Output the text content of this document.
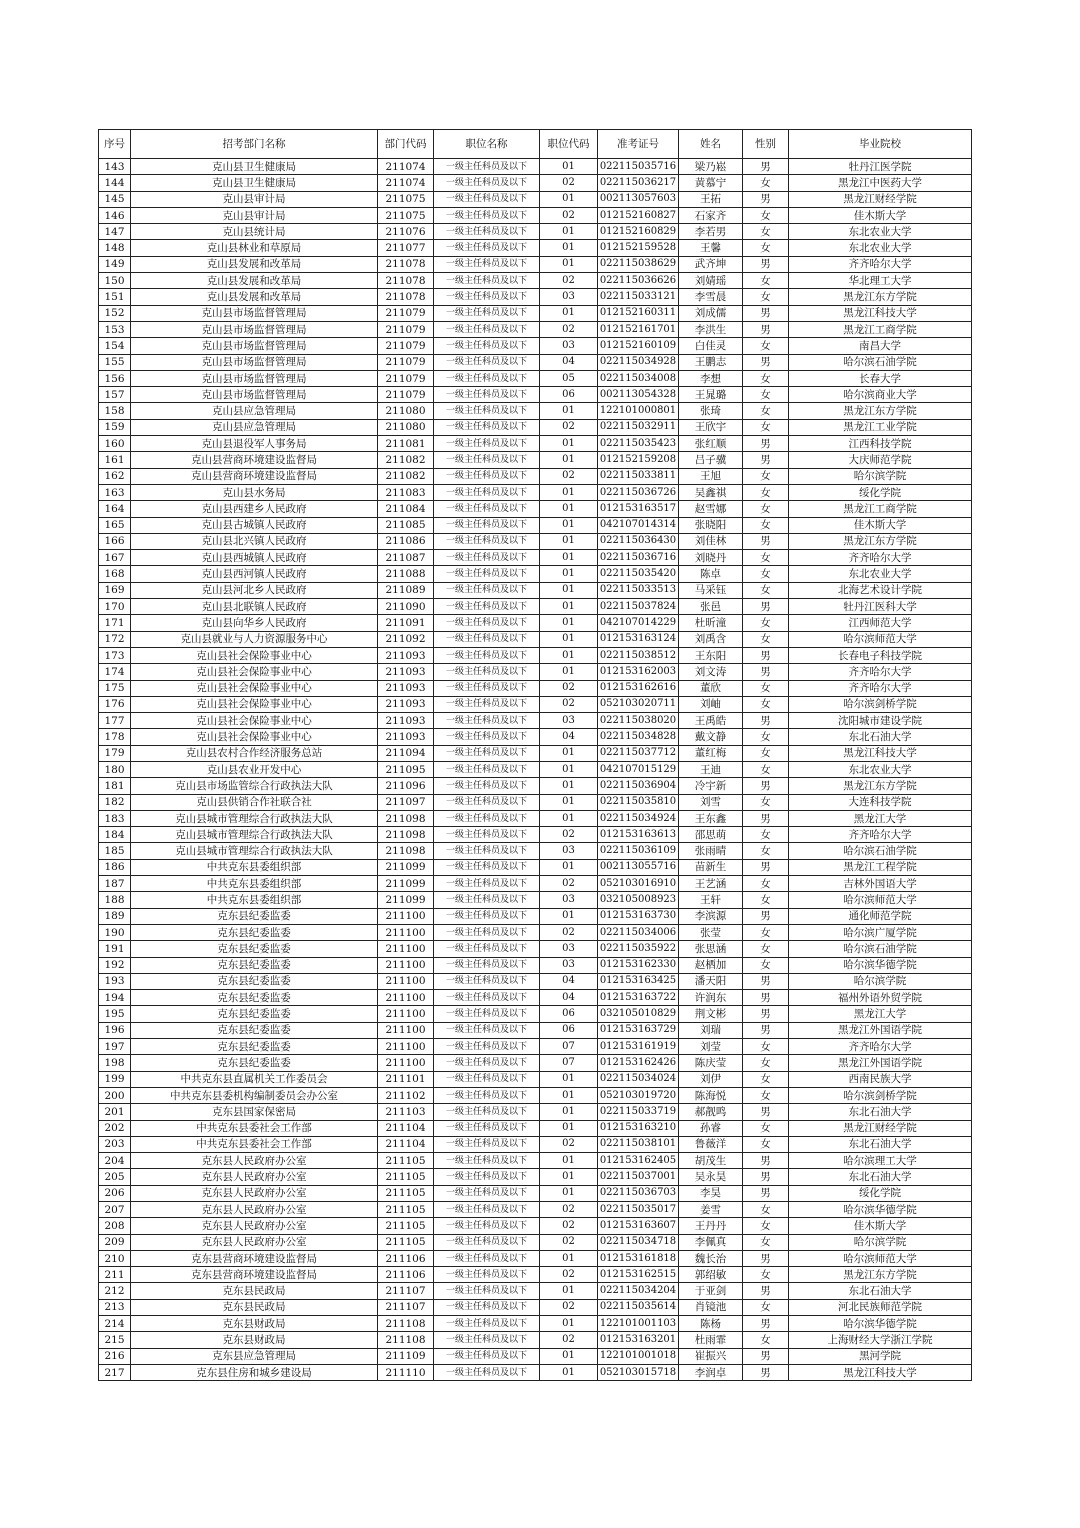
序号	招考部门名称	部门代码	职位名称	职位代码	准考证号	姓名	性别	毕业院校
143	克山县卫生健康局	211074	一级主任科员及以下	01	022115035716	梁乃崧	男	牡丹江医学院
144	克山县卫生健康局	211074	一级主任科员及以下	02	022115036217	黄慕宁	女	黑龙江中医药大学
145	克山县审计局	211075	一级主任科员及以下	01	002113057603	王拓	男	黑龙江财经学院
146	克山县审计局	211075	一级主任科员及以下	02	012152160827	石家齐	女	佳木斯大学
147	克山县统计局	211076	一级主任科员及以下	01	012152160829	李若男	女	东北农业大学
148	克山县林业和草原局	211077	一级主任科员及以下	01	012152159528	王馨	女	东北农业大学
149	克山县发展和改革局	211078	一级主任科员及以下	01	022115038629	武齐坤	男	齐齐哈尔大学
150	克山县发展和改革局	211078	一级主任科员及以下	02	022115036626	刘婧瑶	女	华北理工大学
151	克山县发展和改革局	211078	一级主任科员及以下	03	022115033121	李雪晨	女	黑龙江东方学院
152	克山县市场监督管理局	211079	一级主任科员及以下	01	012152160311	刘成儒	男	黑龙江科技大学
153	克山县市场监督管理局	211079	一级主任科员及以下	02	012152161701	李洪生	男	黑龙江工商学院
154	克山县市场监督管理局	211079	一级主任科员及以下	03	012152160109	白佳灵	女	南昌大学
155	克山县市场监督管理局	211079	一级主任科员及以下	04	022115034928	王鹏志	男	哈尔滨石油学院
156	克山县市场监督管理局	211079	一级主任科员及以下	05	022115034008	李想	女	长春大学
157	克山县市场监督管理局	211079	一级主任科员及以下	06	002113054328	王晁璐	女	哈尔滨商业大学
158	克山县应急管理局	211080	一级主任科员及以下	01	122101000801	张琦	女	黑龙江东方学院
159	克山县应急管理局	211080	一级主任科员及以下	02	022115032911	王欣宇	女	黑龙江工业学院
160	克山县退役军人事务局	211081	一级主任科员及以下	01	022115035423	张红顺	男	江西科技学院
161	克山县营商环境建设监督局	211082	一级主任科员及以下	01	012152159208	吕子骥	男	大庆师范学院
162	克山县营商环境建设监督局	211082	一级主任科员及以下	02	022115033811	王旭	女	哈尔滨学院
163	克山县水务局	211083	一级主任科员及以下	01	022115036726	吴鑫祺	女	绥化学院
164	克山县西建乡人民政府	211084	一级主任科员及以下	01	012153163517	赵雪娜	女	黑龙江工商学院
165	克山县古城镇人民政府	211085	一级主任科员及以下	01	042107014314	张晓阳	女	佳木斯大学
166	克山县北兴镇人民政府	211086	一级主任科员及以下	01	022115036430	刘佳林	男	黑龙江东方学院
167	克山县西城镇人民政府	211087	一级主任科员及以下	01	022115036716	刘晓丹	女	齐齐哈尔大学
168	克山县西河镇人民政府	211088	一级主任科员及以下	01	022115035420	陈卓	女	东北农业大学
169	克山县河北乡人民政府	211089	一级主任科员及以下	01	022115033513	马采钰	女	北海艺术设计学院
170	克山县北联镇人民政府	211090	一级主任科员及以下	01	022115037824	张邑	男	牡丹江医科大学
171	克山县向华乡人民政府	211091	一级主任科员及以下	01	042107014229	杜昕潼	女	江西师范大学
172	克山县就业与人力资源服务中心	211092	一级主任科员及以下	01	012153163124	刘禹含	女	哈尔滨师范大学
173	克山县社会保险事业中心	211093	一级主任科员及以下	01	022115038512	王东阳	男	长春电子科技学院
174	克山县社会保险事业中心	211093	一级主任科员及以下	01	012153162003	刘文涛	男	齐齐哈尔大学
175	克山县社会保险事业中心	211093	一级主任科员及以下	02	012153162616	董欣	女	齐齐哈尔大学
176	克山县社会保险事业中心	211093	一级主任科员及以下	02	052103020711	刘岫	女	哈尔滨剑桥学院
177	克山县社会保险事业中心	211093	一级主任科员及以下	03	022115038020	王禹皓	男	沈阳城市建设学院
178	克山县社会保险事业中心	211093	一级主任科员及以下	04	022115034828	戴文静	女	东北石油大学
179	克山县农村合作经济服务总站	211094	一级主任科员及以下	01	022115037712	董红梅	女	黑龙江科技大学
180	克山县农业开发中心	211095	一级主任科员及以下	01	042107015129	王迪	女	东北农业大学
181	克山县市场监管综合行政执法大队	211096	一级主任科员及以下	01	022115036904	冷宇新	男	黑龙江东方学院
182	克山县供销合作社联合社	211097	一级主任科员及以下	01	022115035810	刘雪	女	大连科技学院
183	克山县城市管理综合行政执法大队	211098	一级主任科员及以下	01	022115034924	王东鑫	男	黑龙江大学
184	克山县城市管理综合行政执法大队	211098	一级主任科员及以下	02	012153163613	邵思萌	女	齐齐哈尔大学
185	克山县城市管理综合行政执法大队	211098	一级主任科员及以下	03	022115036109	张雨晴	女	哈尔滨石油学院
186	中共克东县委组织部	211099	一级主任科员及以下	01	002113055716	苗新生	男	黑龙江工程学院
187	中共克东县委组织部	211099	一级主任科员及以下	02	052103016910	王艺涵	女	吉林外国语大学
188	中共克东县委组织部	211099	一级主任科员及以下	03	032105008923	王轩	女	哈尔滨师范大学
189	克东县纪委监委	211100	一级主任科员及以下	01	012153163730	李滨源	男	通化师范学院
190	克东县纪委监委	211100	一级主任科员及以下	02	022115034006	张莹	女	哈尔滨广厦学院
191	克东县纪委监委	211100	一级主任科员及以下	03	022115035922	张思涵	女	哈尔滨石油学院
192	克东县纪委监委	211100	一级主任科员及以下	03	012153162330	赵栖加	女	哈尔滨华德学院
193	克东县纪委监委	211100	一级主任科员及以下	04	012153163425	潘天阳	男	哈尔滨学院
194	克东县纪委监委	211100	一级主任科员及以下	04	012153163722	许润东	男	福州外语外贸学院
195	克东县纪委监委	211100	一级主任科员及以下	06	032105010829	荆文彬	男	黑龙江大学
196	克东县纪委监委	211100	一级主任科员及以下	06	012153163729	刘瑞	男	黑龙江外国语学院
197	克东县纪委监委	211100	一级主任科员及以下	07	012153161919	刘莹	女	齐齐哈尔大学
198	克东县纪委监委	211100	一级主任科员及以下	07	012153162426	陈庆莹	女	黑龙江外国语学院
199	中共克东县直属机关工作委员会	211101	一级主任科员及以下	01	022115034024	刘伊	女	西南民族大学
200	中共克东县委机构编制委员会办公室	211102	一级主任科员及以下	01	052103019720	陈海悦	女	哈尔滨剑桥学院
201	克东县国家保密局	211103	一级主任科员及以下	01	022115033719	郝靓鸣	男	东北石油大学
202	中共克东县委社会工作部	211104	一级主任科员及以下	01	012153163210	孙睿	女	黑龙江财经学院
203	中共克东县委社会工作部	211104	一级主任科员及以下	02	022115038101	鲁薇洋	女	东北石油大学
204	克东县人民政府办公室	211105	一级主任科员及以下	01	012153162405	胡茂生	男	哈尔滨理工大学
205	克东县人民政府办公室	211105	一级主任科员及以下	01	022115037001	吴永昊	男	东北石油大学
206	克东县人民政府办公室	211105	一级主任科员及以下	01	022115036703	李昊	男	绥化学院
207	克东县人民政府办公室	211105	一级主任科员及以下	02	022115035017	姜雪	女	哈尔滨华德学院
208	克东县人民政府办公室	211105	一级主任科员及以下	02	012153163607	王丹丹	女	佳木斯大学
209	克东县人民政府办公室	211105	一级主任科员及以下	02	022115034718	李佩真	女	哈尔滨学院
210	克东县营商环境建设监督局	211106	一级主任科员及以下	01	012153161818	魏长治	男	哈尔滨师范大学
211	克东县营商环境建设监督局	211106	一级主任科员及以下	02	012153162515	郭绍敏	女	黑龙江东方学院
212	克东县民政局	211107	一级主任科员及以下	01	022115034204	于亚剑	男	东北石油大学
213	克东县民政局	211107	一级主任科员及以下	02	022115035614	肖镜池	女	河北民族师范学院
214	克东县财政局	211108	一级主任科员及以下	01	122101001103	陈杨	男	哈尔滨华德学院
215	克东县财政局	211108	一级主任科员及以下	02	012153163201	杜雨霏	女	上海财经大学浙江学院
216	克东县应急管理局	211109	一级主任科员及以下	01	122101001018	崔振兴	男	黑河学院
217	克东县住房和城乡建设局	211110	一级主任科员及以下	01	052103015718	李润卓	男	黑龙江科技大学
